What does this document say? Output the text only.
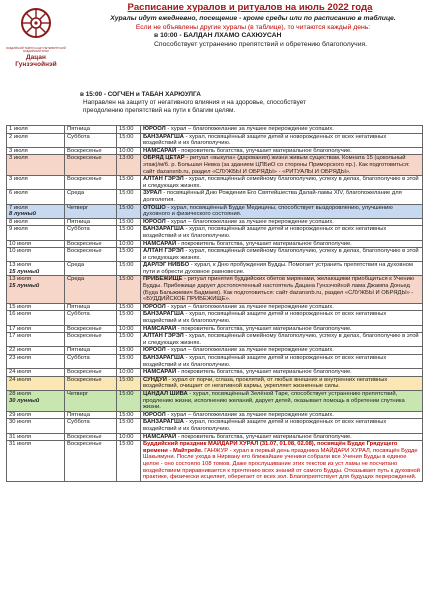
БУДДИЙСКИЙ ТЕМПЛ САНКТ-ПЕТЕРБУРГСКИЙ БУДДИЙСКИЙ ХРАМ
Дацан Гунзэчойнэй
Расписание хуралов и ритуалов на июль 2022 года
Хуралы идут ежедневно, посещение - кроме среды или по расписанию в таблице.
Если не объявлены другие хуралы (в таблице), то читаются каждый день:
в 10:00 - БАЛДАН ЛХАМО САХЮУСАН
Способствует устранению препятствий и обретению благополучия.
в 15:00 - СОГЧЕН и ТАБАН ХАРЮУЛГА
Направлен на защиту от негативного влияния и на здоровье, способствует
преодолению препятствий на пути к благим целям.
1 июля	Пятница	15:00	ЮРООЛ - хурал – благопожелание за лучшее перерождение усопших.
2 июля	Суббота	15:00	БАНЗАРАГША - хурал, посвящённый защите детей и новорожденных от всех негативных воздействий и их благополучию.
3 июля	Воскресенье	10:00	НАМСАРАЙ - покровитель богатства, улучшает материальное благополучие.
3 июля	Воскресенье	13:00	ОБРЯД ЦЕТАР - ритуал «выкупа» (дарования) жизни живым существам. Комната 15 (цокольный этаж)/м/б. р. Большая Невка (за зданием ЦПБиО со стороны Приморского пр.). Как подготовиться: сайт dazansnb.ru, раздел «СЛУЖБЫ И ОБРЯДЫ» - «РИТУАЛЫ И ОБРЯДЫ».
3 июля	Воскресенье	15:00	АЛТАН ГЭРЭЛ - хурал, посвящённый семейному благополучию, успеху в делах, благополучию в этой и следующих жизнях.
6 июля	Среда	15:00	ЗУРАЛ - посвящённый Дню Рождения Его Святейшества Далай-ламы XIV, благопожелание для долголетия.
7 июля
8 лунный	Четверг	15:00	ОТОШО - хурал, посвящённый Будде Медицины, способствует выздоровлению, улучшению духовного и физического состояния.
8 июля	Пятница	15:00	ЮРООЛ - хурал – благопожелание за лучшее перерождение усопших.
9 июля	Суббота	15:00	БАНЗАРАГША - хурал, посвящённый защите детей и новорожденных от всех негативных воздействий и их благополучию.
10 июля	Воскресенье	10:00	НАМСАРАЙ - покровитель богатства, улучшает материальное благополучие.
10 июля	Воскресенье	15:00	АЛТАН ГЭРЭЛ - хурал, посвящённый семейному благополучию, успеху в делах, благополучию в этой и следующих жизнях.
13 июля
15 лунный	Среда	15:00	ДАРЛЭГ НИВБО - хурал, к Дню пробуждения Будды. Помогает устранить препятствия на духовном пути и обрести духовное равновесие.
13 июля
15 лунный	Среда	15:00	ПРИБЕЖИЩЕ - ритуал принятия буддийских обетов мирянами, желающими приобщиться к Учению Будды. Прибежище дарует достопочтенный настоятель Дацана Гунзэчойнэй лама Джампа Доньед (Буда Бальжиевич Бадмаев). Как подготовиться: сайт dazansnb.ru, раздел «СЛУЖБЫ И ОБРЯДЫ» - «БУДДИЙСКОЕ ПРИБЕЖИЩЕ».
15 июля	Пятница	15:00	ЮРООЛ - хурал – благопожелание за лучшее перерождение усопших.
16 июля	Суббота	15:00	БАНЗАРАГША - хурал, посвящённый защите детей и новорожденных от всех негативных воздействий и их благополучию.
17 июля	Воскресенье	10:00	НАМСАРАЙ - покровитель богатства, улучшает материальное благополучие.
17 июля	Воскресенье	15:00	АЛТАН ГЭРЭЛ - хурал, посвящённый семейному благополучию, успеху в делах, благополучию в этой и следующих жизнях.
22 июля	Пятница	15:00	ЮРООЛ - хурал – благопожелание за лучшее перерождение усопших.
23 июля	Суббота	15:00	БАНЗАРАГША - хурал, посвящённый защите детей и новорожденных от всех негативных воздействий и их благополучию.
24 июля	Воскресенье	10:00	НАМСАРАЙ - покровитель богатства, улучшает материальное благополучие.
24 июля	Воскресенье	15:00	СУНДУЙ - хурал от порчи, сглаза, проклятий, от любых внешних и внутренних негативных воздействий, очищает от негативной кармы, укрепляет жизненные силы.
28 июля
30 лунный	Четверг	15:00	ЦАНДАЛ ШИВА - хурал, посвящённый Зелёной Таре, способствует устранению препятствий, продлению жизни, исполнению желаний, дарует детей, оказывает помощь в обретении спутника жизни.
29 июля	Пятница	15:00	ЮРООЛ - хурал – благопожелание за лучшее перерождение усопших.
30 июля	Суббота	15:00	БАНЗАРАГША - хурал, посвящённый защите детей и новорожденных от всех негативных воздействий и их благополучию.
31 июля	Воскресенье	10:00	НАМСАРАЙ - покровитель богатства, улучшает материальное благополучие.
31 июля	Воскресенье	15:00	Буддийский праздник МАЙДАРИ ХУРАЛ (31.07, 01.08, 02.08), посвящён Будде Грядущего времени - Майтрейе. ГАНЖУР - хурал в первый день праздника МАЙДАРИ ХУРАЛ, посвящён Будде Шакьямуни. После ухода в Нирвану его ближайшие ученики собрали все Учения Будды в единое целое - оно состояло 108 томов. Даже прослушивание этих текстов из уст ламы не посчитано воздействием приравнивается к прочтению всех знаний от самого Будды. Отказывает путь к духовной практике, физически исцеляет, оберегает от всех зол. Благоприятствует для будущих перерождений.
